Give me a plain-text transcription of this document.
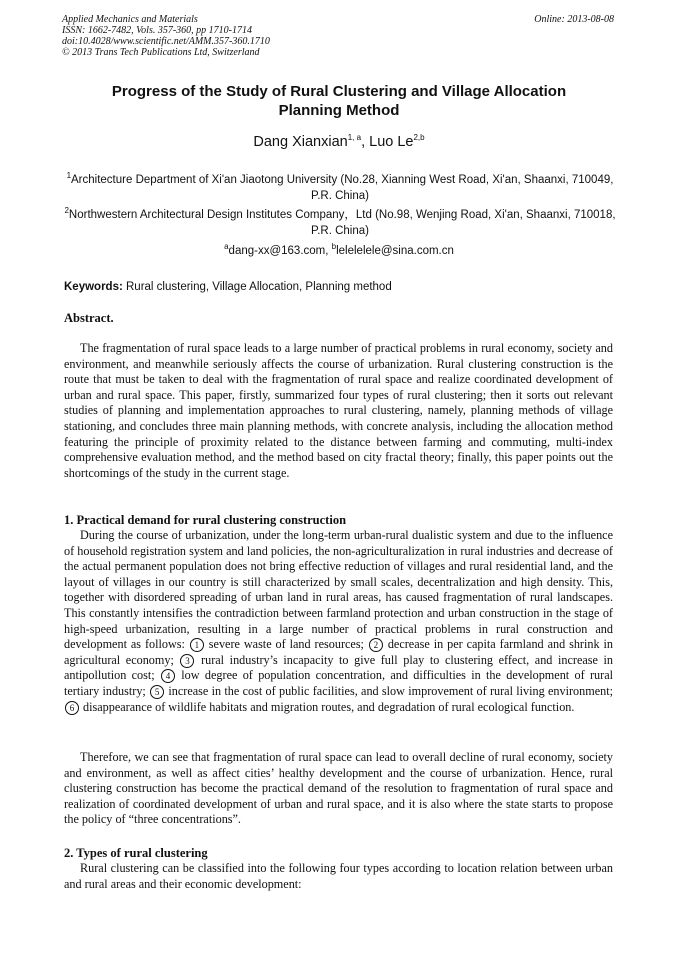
Applied Mechanics and Materials
ISSN: 1662-7482, Vols. 357-360, pp 1710-1714
doi:10.4028/www.scientific.net/AMM.357-360.1710
© 2013 Trans Tech Publications Ltd, Switzerland
Online: 2013-08-08
Progress of the Study of Rural Clustering and Village Allocation
Planning Method
Dang Xianxian$^{1, a}$, Luo Le$^{2,b}$
$^1$Architecture Department of Xi'an Jiaotong University (No.28, Xianning West Road, Xi'an, Shaanxi, 710049, P.R. China)
$^2$Northwestern Architectural Design Institutes Company，Ltd (No.98, Wenjing Road, Xi'an, Shaanxi, 710018, P.R. China)
$^a$dang-xx@163.com, $^b$lelelelele@sina.com.cn
Keywords: Rural clustering, Village Allocation, Planning method
Abstract.

The fragmentation of rural space leads to a large number of practical problems in rural economy, society and environment, and meanwhile seriously affects the course of urbanization. Rural clustering construction is the route that must be taken to deal with the fragmentation of rural space and realize coordinated development of urban and rural space. This paper, firstly, summarized four types of rural clustering; then it sorts out relevant studies of planning and implementation approaches to rural clustering, namely, planning methods of village stationing, and concludes three main planning methods, with concrete analysis, including the allocation method featuring the principle of proximity related to the distance between farming and commuting, multi-index comprehensive evaluation method, and the method based on city fractal theory; finally, this paper points out the shortcomings of the study in the current stage.

1. Practical demand for rural clustering construction

During the course of urbanization, under the long-term urban-rural dualistic system and due to the influence of household registration system and land policies, the non-agriculturalization in rural industries and decrease of the actual permanent population does not bring effective reduction of villages and rural residential land, and the layout of villages in our country is still characterized by small scales, decentralization and high density. This, together with disordered spreading of urban land in rural areas, has caused fragmentation of rural landscapes. This constantly intensifies the contradiction between farmland protection and urban construction in the stage of high-speed urbanization, resulting in a large number of practical problems in rural construction and development as follows: 1 severe waste of land resources; 2 decrease in per capita farmland and shrink in agricultural economy; 3 rural industry’s incapacity to give full play to clustering effect, and increase in antipollution cost; 4 low degree of population concentration, and difficulties in the development of rural tertiary industry; 5 increase in the cost of public facilities, and slow improvement of rural living environment; 6 disappearance of wildlife habitats and migration routes, and degradation of rural ecological function.

Therefore, we can see that fragmentation of rural space can lead to overall decline of rural economy, society and environment, as well as affect cities’ healthy development and the course of urbanization. Hence, rural clustering construction has become the practical demand of the resolution to fragmentation of rural space and realization of coordinated development of urban and rural space, and it is also where the state starts to propose the policy of “three concentrations”.

2. Types of rural clustering

Rural clustering can be classified into the following four types according to location relation between urban and rural areas and their economic development:
